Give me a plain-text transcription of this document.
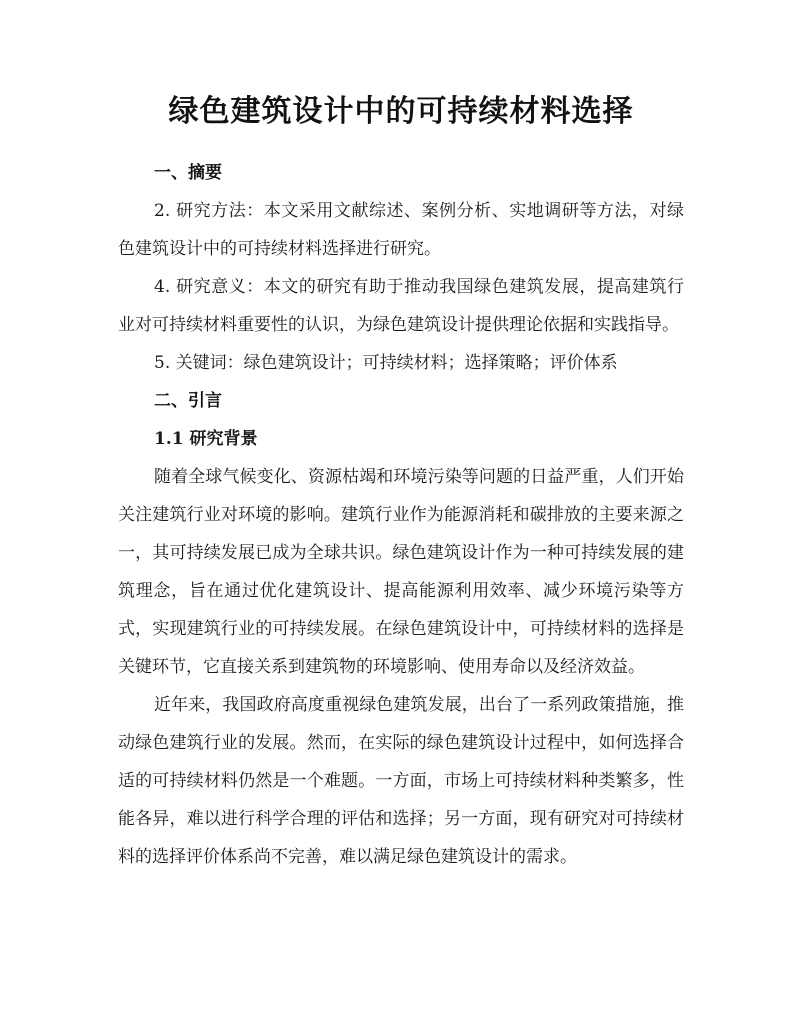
绿色建筑设计中的可持续材料选择
一、摘要

2. 研究方法：本文采用文献综述、案例分析、实地调研等方法，对绿色建筑设计中的可持续材料选择进行研究。

4. 研究意义：本文的研究有助于推动我国绿色建筑发展，提高建筑行业对可持续材料重要性的认识，为绿色建筑设计提供理论依据和实践指导。

5. 关键词：绿色建筑设计；可持续材料；选择策略；评价体系

二、引言
1.1 研究背景

随着全球气候变化、资源枯竭和环境污染等问题的日益严重，人们开始关注建筑行业对环境的影响。建筑行业作为能源消耗和碳排放的主要来源之一，其可持续发展已成为全球共识。绿色建筑设计作为一种可持续发展的建筑理念，旨在通过优化建筑设计、提高能源利用效率、减少环境污染等方式，实现建筑行业的可持续发展。在绿色建筑设计中，可持续材料的选择是关键环节，它直接关系到建筑物的环境影响、使用寿命以及经济效益。

近年来，我国政府高度重视绿色建筑发展，出台了一系列政策措施，推动绿色建筑行业的发展。然而，在实际的绿色建筑设计过程中，如何选择合适的可持续材料仍然是一个难题。一方面，市场上可持续材料种类繁多，性能各异，难以进行科学合理的评估和选择；另一方面，现有研究对可持续材料的选择评价体系尚不完善，难以满足绿色建筑设计的需求。
